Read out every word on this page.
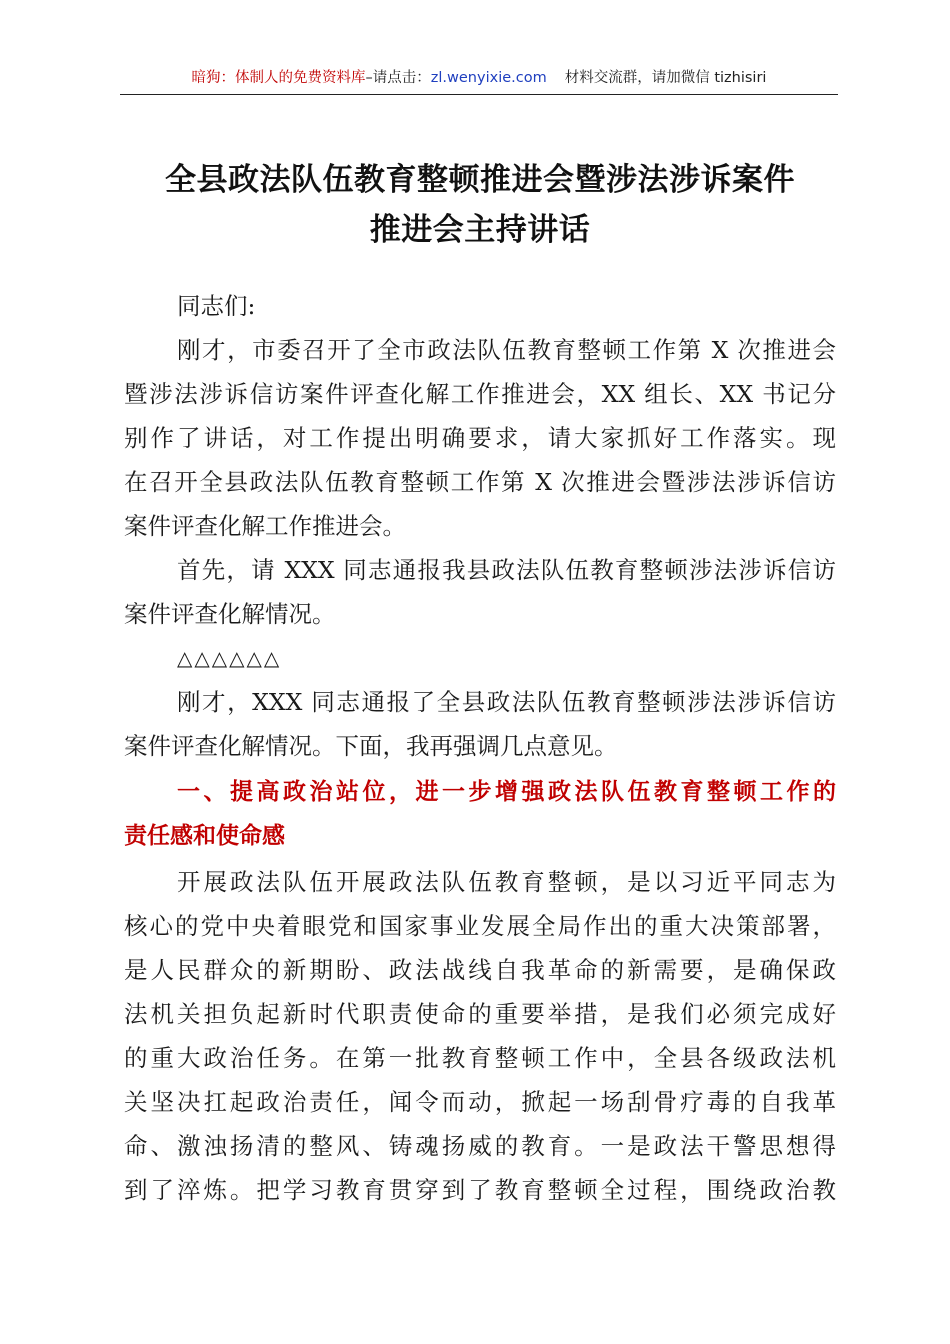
暗狗：体制人的免费资料库–请点击：zl.wenyixie.com 材料交流群，请加微信 tizhisiri
全县政法队伍教育整顿推进会暨涉法涉诉案件
推进会主持讲话
同志们:
刚才，市委召开了全市政法队伍教育整顿工作第 X 次推进会
暨涉法涉诉信访案件评查化解工作推进会，XX 组长、XX 书记分
别作了讲话，对工作提出明确要求，请大家抓好工作落实。现
在召开全县政法队伍教育整顿工作第 X 次推进会暨涉法涉诉信访
案件评查化解工作推进会。
首先，请 XXX 同志通报我县政法队伍教育整顿涉法涉诉信访
案件评查化解情况。
△△△△△△
刚才，XXX 同志通报了全县政法队伍教育整顿涉法涉诉信访
案件评查化解情况。下面，我再强调几点意见。
一、提高政治站位，进一步增强政法队伍教育整顿工作的
责任感和使命感
开展政法队伍开展政法队伍教育整顿，是以习近平同志为
核心的党中央着眼党和国家事业发展全局作出的重大决策部署，
是人民群众的新期盼、政法战线自我革命的新需要，是确保政
法机关担负起新时代职责使命的重要举措，是我们必须完成好
的重大政治任务。在第一批教育整顿工作中，全县各级政法机
关坚决扛起政治责任，闻令而动，掀起一场刮骨疗毒的自我革
命、激浊扬清的整风、铸魂扬威的教育。一是政法干警思想得
到了淬炼。把学习教育贯穿到了教育整顿全过程，围绕政治教
